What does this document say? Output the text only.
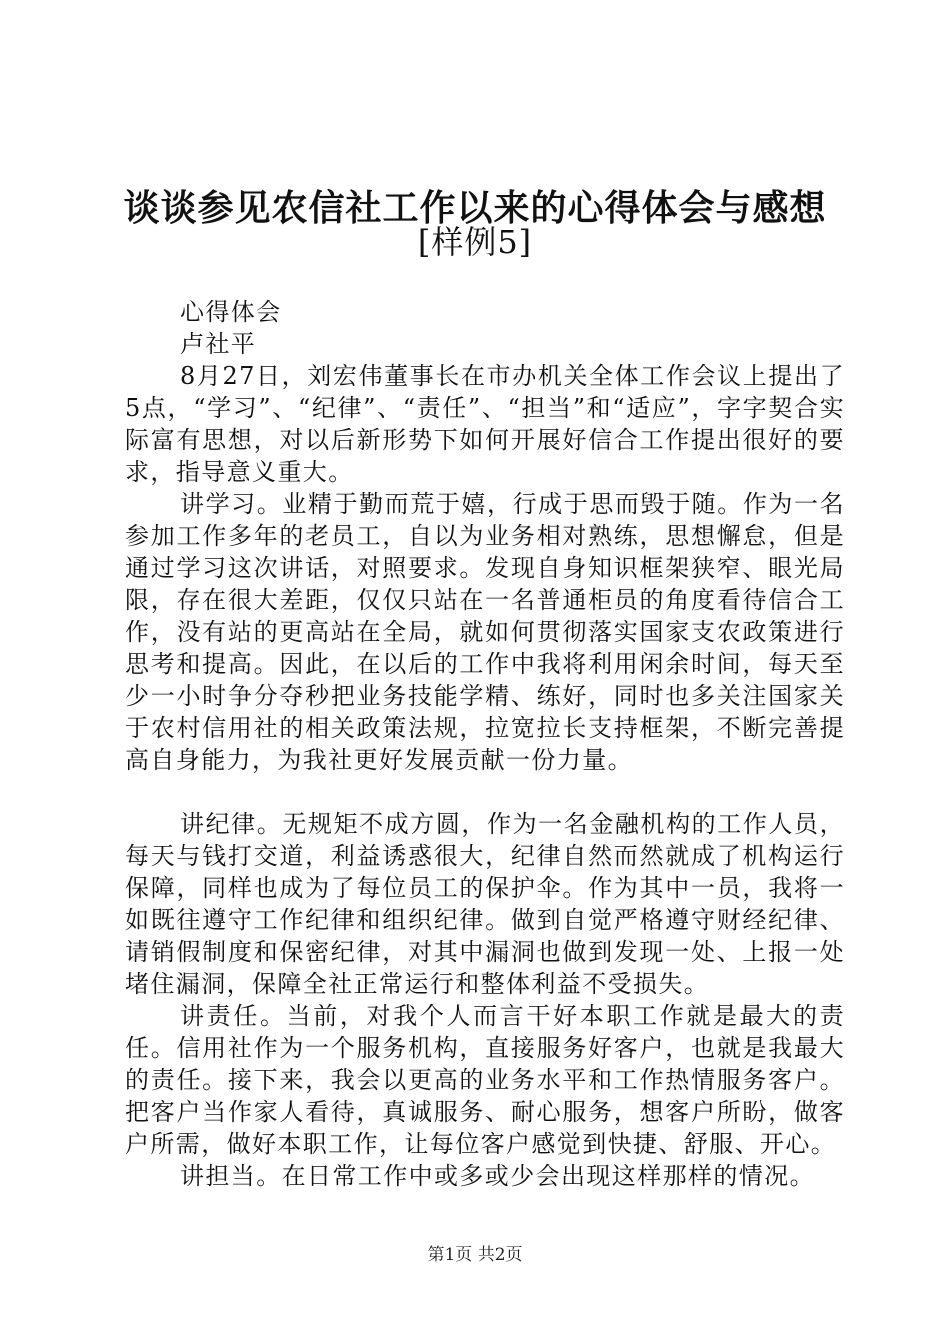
谈谈参见农信社工作以来的心得体会与感想
[样例5]

心得体会

卢社平

8月27日，刘宏伟董事长在市办机关全体工作会议上提出了5点，“学习”、“纪律”、“责任”、“担当”和“适应”，字字契合实际富有思想，对以后新形势下如何开展好信合工作提出很好的要求，指导意义重大。

讲学习。业精于勤而荒于嬉，行成于思而毁于随。作为一名参加工作多年的老员工，自以为业务相对熟练，思想懈怠，但是通过学习这次讲话，对照要求。发现自身知识框架狭窄、眼光局限，存在很大差距，仅仅只站在一名普通柜员的角度看待信合工作，没有站的更高站在全局，就如何贯彻落实国家支农政策进行思考和提高。因此，在以后的工作中我将利用闲余时间，每天至少一小时争分夺秒把业务技能学精、练好，同时也多关注国家关于农村信用社的相关政策法规，拉宽拉长支持框架，不断完善提高自身能力，为我社更好发展贡献一份力量。

讲纪律。无规矩不成方圆，作为一名金融机构的工作人员，每天与钱打交道，利益诱惑很大，纪律自然而然就成了机构运行保障，同样也成为了每位员工的保护伞。作为其中一员，我将一如既往遵守工作纪律和组织纪律。做到自觉严格遵守财经纪律、请销假制度和保密纪律，对其中漏洞也做到发现一处、上报一处堵住漏洞，保障全社正常运行和整体利益不受损失。

讲责任。当前，对我个人而言干好本职工作就是最大的责任。信用社作为一个服务机构，直接服务好客户，也就是我最大的责任。接下来，我会以更高的业务水平和工作热情服务客户。把客户当作家人看待，真诚服务、耐心服务，想客户所盼，做客户所需，做好本职工作，让每位客户感觉到快捷、舒服、开心。

讲担当。在日常工作中或多或少会出现这样那样的情况。

第1页 共2页
